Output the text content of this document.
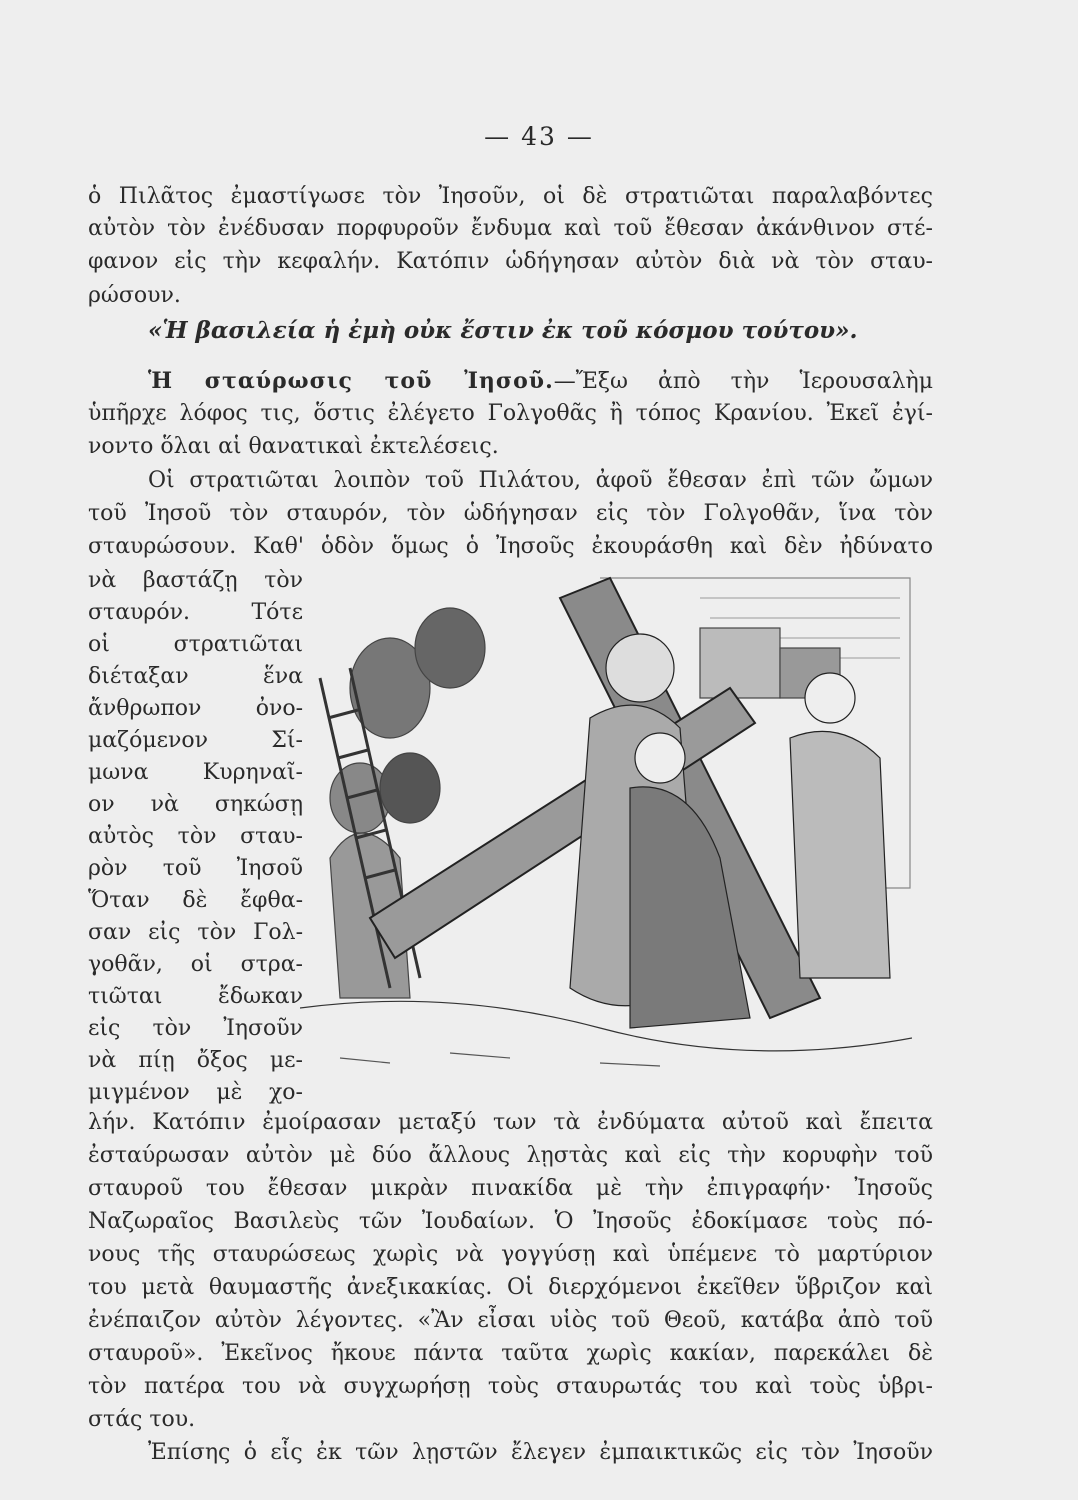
— 43 —
ὁ Πιλᾶτος ἐμαστίγωσε τὸν Ἰησοῦν, οἱ δὲ στρατιῶται παραλαβόντες
αὐτὸν τὸν ἐνέδυσαν πορφυροῦν ἔνδυμα καὶ τοῦ ἔθεσαν ἀκάνθινον στέ-
φανον εἰς τὴν κεφαλήν. Κατόπιν ὡδήγησαν αὐτὸν διὰ νὰ τὸν σταυ-
ρώσουν.
«Ἡ βασιλεία ἡ ἐμὴ οὐκ ἔστιν ἐκ τοῦ κόσμου τούτου».
Ἡ σταύρωσις τοῦ Ἰησοῦ.—Ἔξω ἀπὸ τὴν Ἱερουσαλὴμ
ὑπῆρχε λόφος τις, ὅστις ἐλέγετο Γολγοθᾶς ἢ τόπος Κρανίου. Ἐκεῖ ἐγί-
νοντο ὅλαι αἱ θανατικαὶ ἐκτελέσεις.
Οἱ στρατιῶται λοιπὸν τοῦ Πιλάτου, ἀφοῦ ἔθεσαν ἐπὶ τῶν ὤμων
τοῦ Ἰησοῦ τὸν σταυρόν, τὸν ὡδήγησαν εἰς τὸν Γολγοθᾶν, ἵνα τὸν
σταυρώσουν. Καθ' ὁδὸν ὅμως ὁ Ἰησοῦς ἐκουράσθη καὶ δὲν ἠδύνατο
νὰ βαστάζῃ τὸν
σταυρόν. Τότε
οἱ στρατιῶται
διέταξαν ἕνα
ἄνθρωπον ὀνο-
μαζόμενον Σί-
μωνα Κυρηναῖ-
ον νὰ σηκώσῃ
αὐτὸς τὸν σταυ-
ρὸν τοῦ Ἰησοῦ
Ὅταν δὲ ἔφθα-
σαν εἰς τὸν Γολ-
γοθᾶν, οἱ στρα-
τιῶται ἔδωκαν
εἰς τὸν Ἰησοῦν
νὰ πίῃ ὄξος με-
μιγμένον μὲ χο-
λήν. Κατόπιν ἐμοίρασαν μεταξύ των τὰ ἐνδύματα αὐτοῦ καὶ ἔπειτα
ἐσταύρωσαν αὐτὸν μὲ δύο ἄλλους λῃστὰς καὶ εἰς τὴν κορυφὴν τοῦ
σταυροῦ του ἔθεσαν μικρὰν πινακίδα μὲ τὴν ἐπιγραφήν· Ἰησοῦς
Ναζωραῖος Βασιλεὺς τῶν Ἰουδαίων. Ὁ Ἰησοῦς ἐδοκίμασε τοὺς πό-
νους τῆς σταυρώσεως χωρὶς νὰ γογγύσῃ καὶ ὑπέμενε τὸ μαρτύριον
του μετὰ θαυμαστῆς ἀνεξικακίας. Οἱ διερχόμενοι ἐκεῖθεν ὕβριζον καὶ
ἐνέπαιζον αὐτὸν λέγοντες. «Ἂν εἶσαι υἱὸς τοῦ Θεοῦ, κατάβα ἀπὸ τοῦ
σταυροῦ». Ἐκεῖνος ἤκουε πάντα ταῦτα χωρὶς κακίαν, παρεκάλει δὲ
τὸν πατέρα του νὰ συγχωρήσῃ τοὺς σταυρωτάς του καὶ τοὺς ὑβρι-
στάς του.
Ἐπίσης ὁ εἷς ἐκ τῶν λῃστῶν ἔλεγεν ἐμπαικτικῶς εἰς τὸν Ἰησοῦν
